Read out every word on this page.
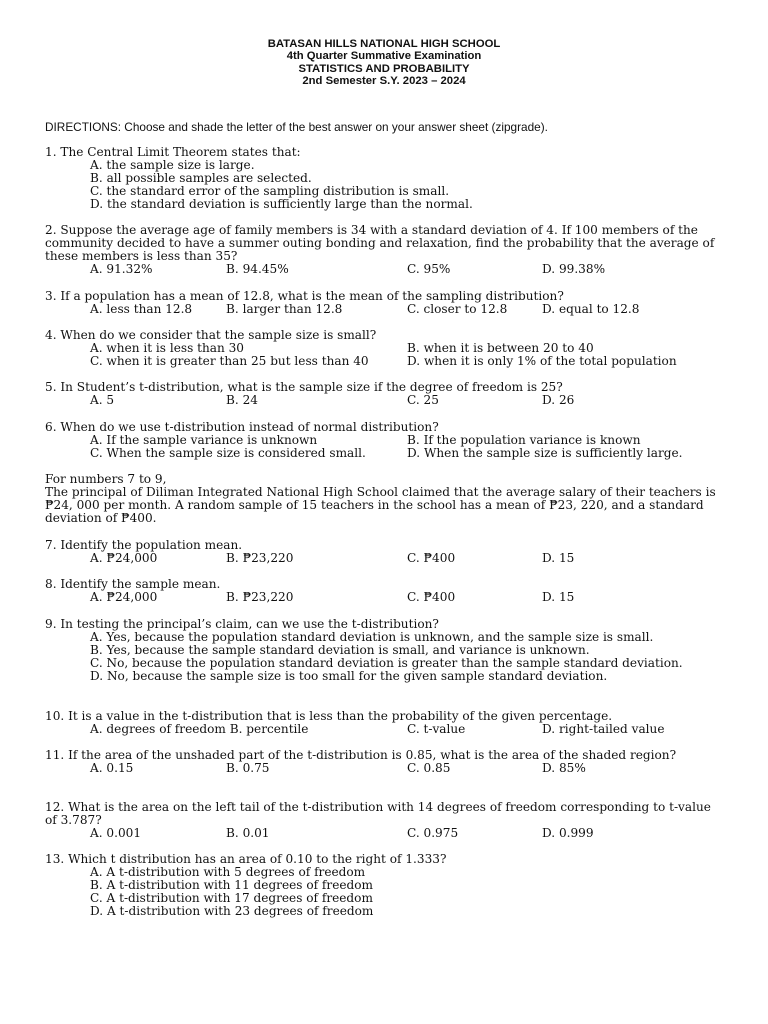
BATASAN HILLS NATIONAL HIGH SCHOOL
4th Quarter Summative Examination
STATISTICS AND PROBABILITY
2nd Semester S.Y. 2023 – 2024
DIRECTIONS: Choose and shade the letter of the best answer on your answer sheet (zipgrade).
1. The Central Limit Theorem states that:
A. the sample size is large.
B. all possible samples are selected.
C. the standard error of the sampling distribution is small.
D. the standard deviation is sufficiently large than the normal.
2. Suppose the average age of family members is 34 with a standard deviation of 4. If 100 members of the community decided to have a summer outing bonding and relaxation, find the probability that the average of these members is less than 35?
A. 91.32%	B. 94.45%	C. 95%	D. 99.38%
3. If a population has a mean of 12.8, what is the mean of the sampling distribution?
A. less than 12.8	B. larger than 12.8	C. closer to 12.8	D. equal to 12.8
4. When do we consider that the sample size is small?
A. when it is less than 30	B. when it is between 20 to 40
C. when it is greater than 25 but less than 40	D. when it is only 1% of the total population
5. In Student’s t-distribution, what is the sample size if the degree of freedom is 25?
A. 5	B. 24	C. 25	D. 26
6. When do we use t-distribution instead of normal distribution?
A. If the sample variance is unknown	B. If the population variance is known
C. When the sample size is considered small.	D. When the sample size is sufficiently large.
For numbers 7 to 9,
The principal of Diliman Integrated National High School claimed that the average salary of their teachers is ₱24, 000 per month. A random sample of 15 teachers in the school has a mean of ₱23, 220, and a standard deviation of ₱400.
7. Identify the population mean.
A. ₱24,000	B. ₱23,220	C. ₱400	D. 15
8. Identify the sample mean.
A. ₱24,000	B. ₱23,220	C. ₱400	D. 15
9. In testing the principal’s claim, can we use the t-distribution?
A. Yes, because the population standard deviation is unknown, and the sample size is small.
B. Yes, because the sample standard deviation is small, and variance is unknown.
C. No, because the population standard deviation is greater than the sample standard deviation.
D. No, because the sample size is too small for the given sample standard deviation.
10. It is a value in the t-distribution that is less than the probability of the given percentage.
A. degrees of freedom B. percentile	C. t-value	D. right-tailed value
11. If the area of the unshaded part of the t-distribution is 0.85, what is the area of the shaded region?
A. 0.15	B. 0.75	C. 0.85	D. 85%
12. What is the area on the left tail of the t-distribution with 14 degrees of freedom corresponding to t-value of 3.787?
A. 0.001	B. 0.01	C. 0.975	D. 0.999
13. Which t distribution has an area of 0.10 to the right of 1.333?
A. A t-distribution with 5 degrees of freedom
B. A t-distribution with 11 degrees of freedom
C. A t-distribution with 17 degrees of freedom
D. A t-distribution with 23 degrees of freedom
